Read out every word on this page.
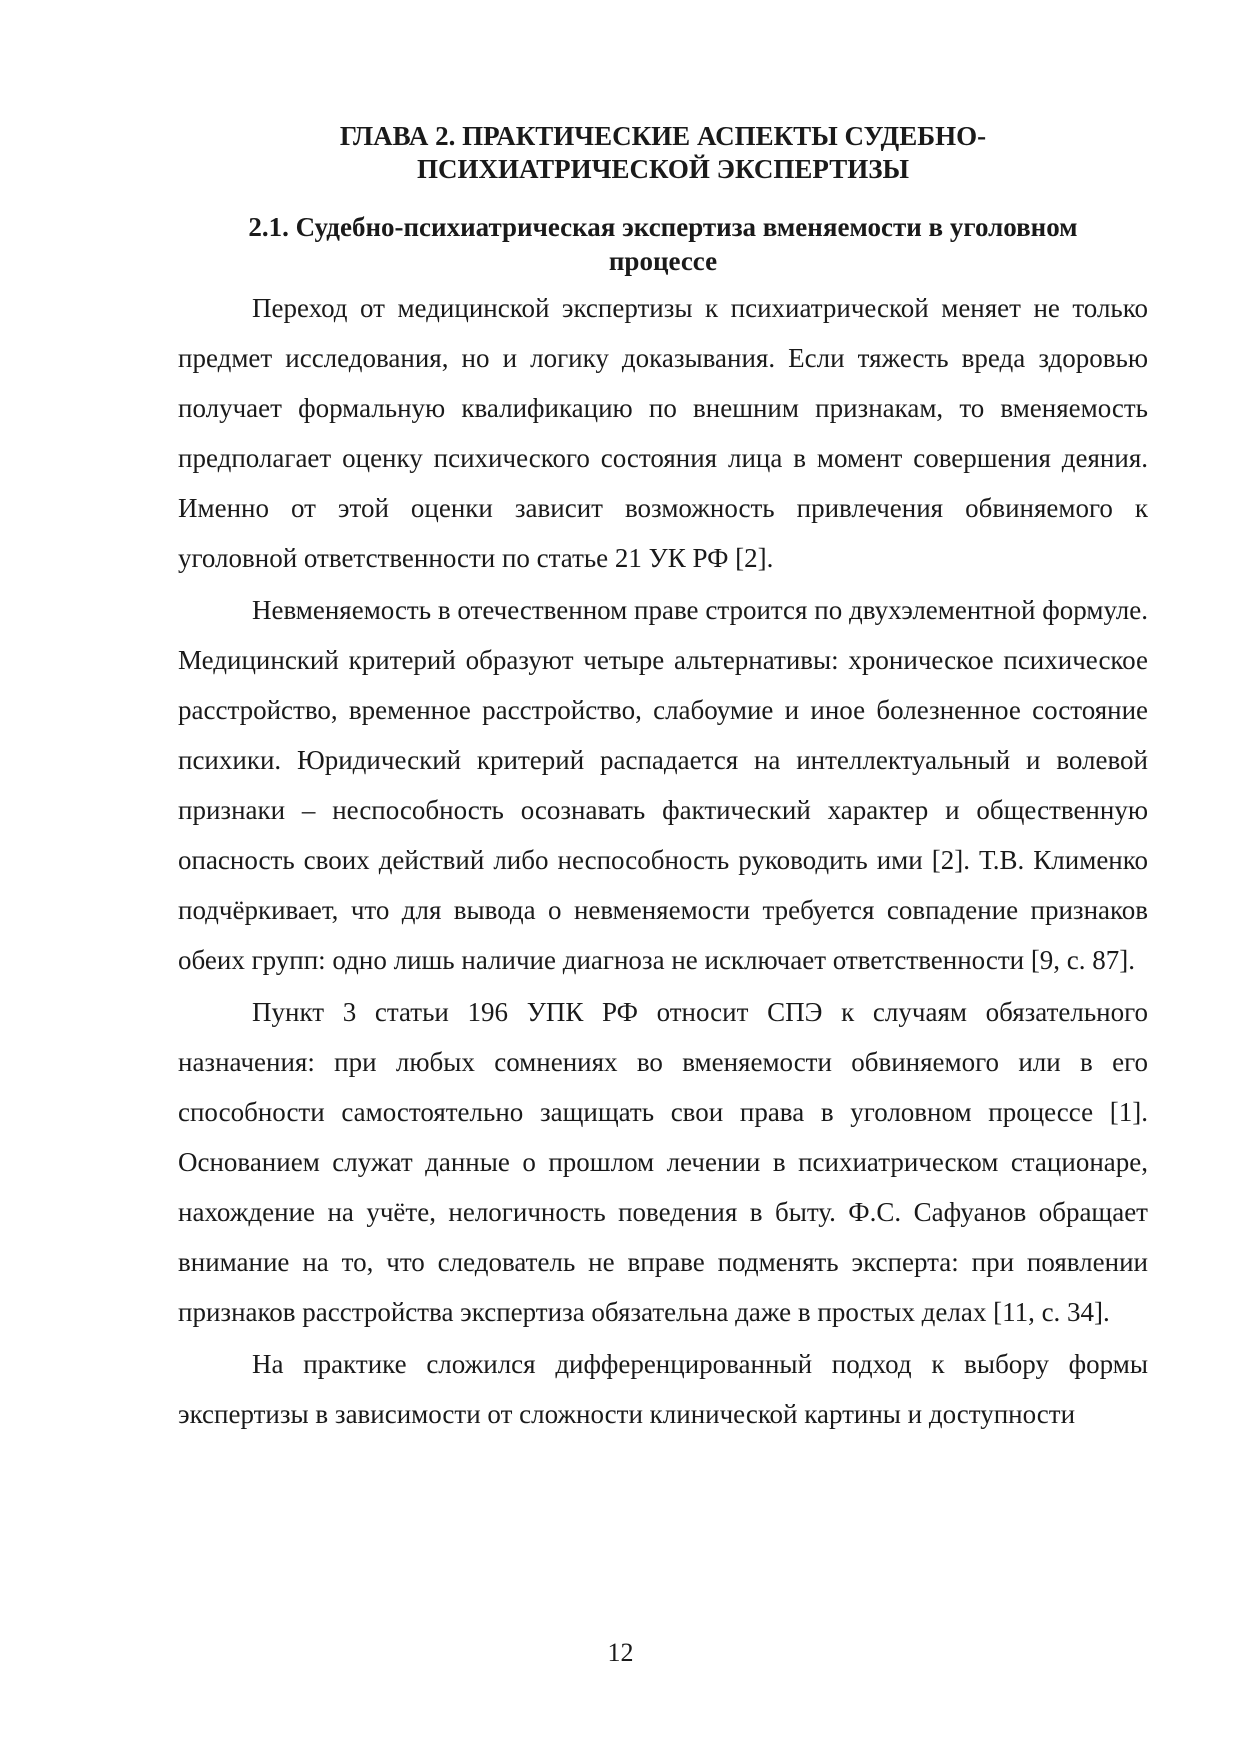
ГЛАВА 2. ПРАКТИЧЕСКИЕ АСПЕКТЫ СУДЕБНО-
ПСИХИАТРИЧЕСКОЙ ЭКСПЕРТИЗЫ
2.1. Судебно-психиатрическая экспертиза вменяемости в уголовном
процессе

Переход от медицинской экспертизы к психиатрической меняет не только предмет исследования, но и логику доказывания. Если тяжесть вреда здоровью получает формальную квалификацию по внешним признакам, то вменяемость предполагает оценку психического состояния лица в момент совершения деяния. Именно от этой оценки зависит возможность привлечения обвиняемого к уголовной ответственности по статье 21 УК РФ [2].

Невменяемость в отечественном праве строится по двухэлементной формуле. Медицинский критерий образуют четыре альтернативы: хроническое психическое расстройство, временное расстройство, слабоумие и иное болезненное состояние психики. Юридический критерий распадается на интеллектуальный и волевой признаки – неспособность осознавать фактический характер и общественную опасность своих действий либо неспособность руководить ими [2]. Т.В. Клименко подчёркивает, что для вывода о невменяемости требуется совпадение признаков обеих групп: одно лишь наличие диагноза не исключает ответственности [9, с. 87].

Пункт 3 статьи 196 УПК РФ относит СПЭ к случаям обязательного назначения: при любых сомнениях во вменяемости обвиняемого или в его способности самостоятельно защищать свои права в уголовном процессе [1]. Основанием служат данные о прошлом лечении в психиатрическом стационаре, нахождение на учёте, нелогичность поведения в быту. Ф.С. Сафуанов обращает внимание на то, что следователь не вправе подменять эксперта: при появлении признаков расстройства экспертиза обязательна даже в простых делах [11, с. 34].

На практике сложился дифференцированный подход к выбору формы экспертизы в зависимости от сложности клинической картины и доступности

12
